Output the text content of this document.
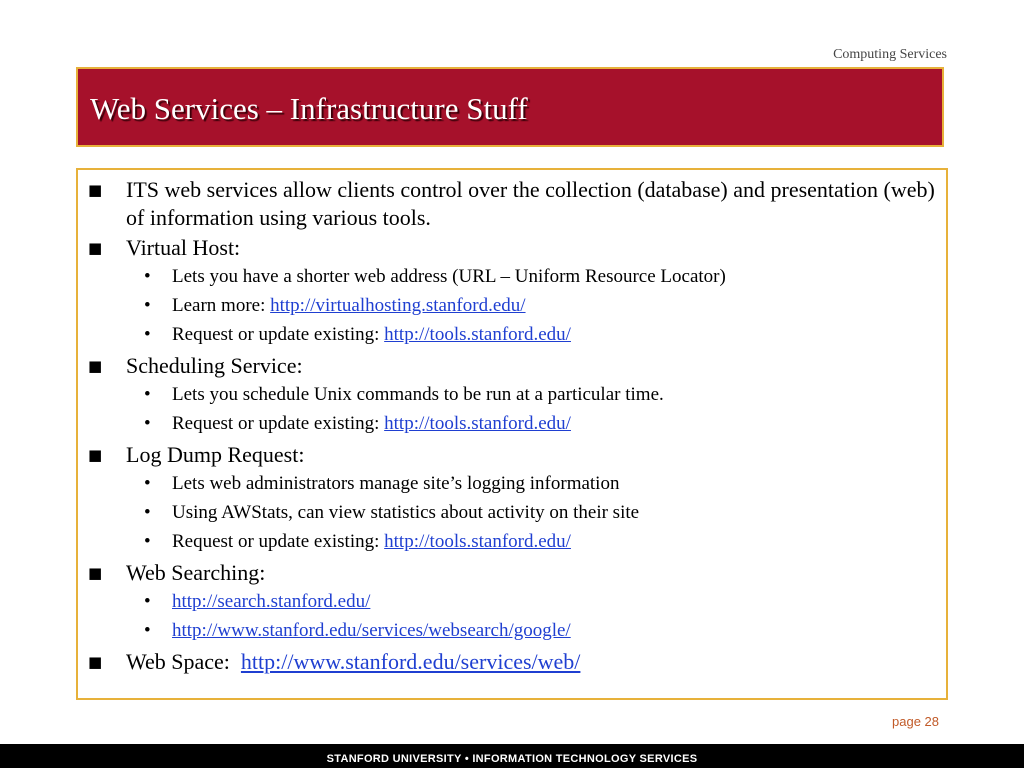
Computing Services
Web Services – Infrastructure Stuff
■ ITS web services allow clients control over the collection (database) and presentation (web) of information using various tools.
■ Virtual Host:
• Lets you have a shorter web address (URL – Uniform Resource Locator)
• Learn more: http://virtualhosting.stanford.edu/
• Request or update existing: http://tools.stanford.edu/
■ Scheduling Service:
• Lets you schedule Unix commands to be run at a particular time.
• Request or update existing: http://tools.stanford.edu/
■ Log Dump Request:
• Lets web administrators manage site’s logging information
• Using AWStats, can view statistics about activity on their site
• Request or update existing: http://tools.stanford.edu/
■ Web Searching:
• http://search.stanford.edu/
• http://www.stanford.edu/services/websearch/google/
■ Web Space:  http://www.stanford.edu/services/web/
page 28
STANFORD UNIVERSITY • INFORMATION TECHNOLOGY SERVICES
